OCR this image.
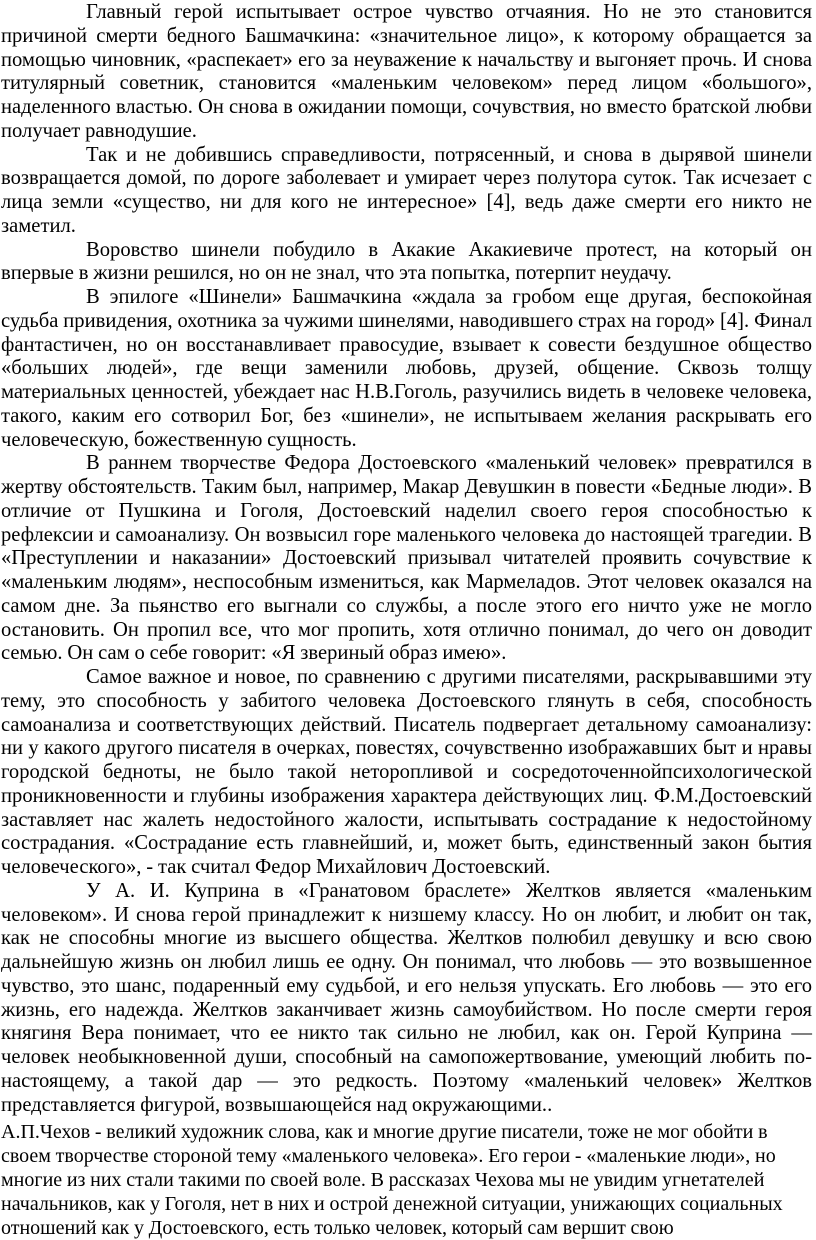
Главный герой испытывает острое чувство отчаяния. Но не это становится причиной смерти бедного Башмачкина: «значительное лицо», к которому обращается за помощью чиновник, «распекает» его за неуважение к начальству и выгоняет прочь. И снова титулярный советник, становится «маленьким человеком» перед лицом «большого», наделенного властью. Он снова в ожидании помощи, сочувствия, но вместо братской любви получает равнодушие.

Так и не добившись справедливости, потрясенный, и снова в дырявой шинели возвращается домой, по дороге заболевает и умирает через полутора суток. Так исчезает с лица земли «существо, ни для кого не интересное» [4], ведь даже смерти его никто не заметил.

Воровство шинели побудило в Акакие Акакиевиче протест, на который он впервые в жизни решился, но он не знал, что эта попытка, потерпит неудачу.

В эпилоге «Шинели» Башмачкина «ждала за гробом еще другая, беспокойная судьба привидения, охотника за чужими шинелями, наводившего страх на город» [4]. Финал фантастичен, но он восстанавливает правосудие, взывает к совести бездушное общество «больших людей», где вещи заменили любовь, друзей, общение. Сквозь толщу материальных ценностей, убеждает нас Н.В.Гоголь, разучились видеть в человеке человека, такого, каким его сотворил Бог, без «шинели», не испытываем желания раскрывать его человеческую, божественную сущность.

В раннем творчестве Федора Достоевского «маленький человек» превратился в жертву обстоятельств. Таким был, например, Макар Девушкин в повести «Бедные люди». В отличие от Пушкина и Гоголя, Достоевский наделил своего героя способностью к рефлексии и самоанализу. Он возвысил горе маленького человека до настоящей трагедии. В «Преступлении и наказании» Достоевский призывал читателей проявить сочувствие к «маленьким людям», неспособным измениться, как Мармеладов. Этот человек оказался на самом дне. За пьянство его выгнали со службы, а после этого его ничто уже не могло остановить. Он пропил все, что мог пропить, хотя отлично понимал, до чего он доводит семью. Он сам о себе говорит: «Я звериный образ имею».

Самое важное и новое, по сравнению с другими писателями, раскрывавшими эту тему, это способность у забитого человека Достоевского глянуть в себя, способность самоанализа и соответствующих действий. Писатель подвергает детальному самоанализу: ни у какого другого писателя в очерках, повестях, сочувственно изображавших быт и нравы городской бедноты, не было такой неторопливой и сосредоточеннойпсихологической проникновенности и глубины изображения характера действующих лиц. Ф.М.Достоевский заставляет нас жалеть недостойного жалости, испытывать сострадание к недостойному сострадания. «Сострадание есть главнейший, и, может быть, единственный закон бытия человеческого», - так считал Федор Михайлович Достоевский.

У А. И. Куприна в «Гранатовом браслете» Желтков является «маленьким человеком». И снова герой принадлежит к низшему классу. Но он любит, и любит он так, как не способны многие из высшего общества. Желтков полюбил девушку и всю свою дальнейшую жизнь он любил лишь ее одну. Он понимал, что любовь — это возвышенное чувство, это шанс, подаренный ему судьбой, и его нельзя упускать. Его любовь — это его жизнь, его надежда. Желтков заканчивает жизнь самоубийством. Но после смерти героя княгиня Вера понимает, что ее никто так сильно не любил, как он. Герой Куприна — человек необыкновенной души, способный на самопожертвование, умеющий любить по-настоящему, а такой дар — это редкость. Поэтому «маленький человек» Желтков представляется фигурой, возвышающейся над окружающими..

А.П.Чехов - великий художник слова, как и многие другие писатели, тоже не мог обойти в своем творчестве стороной тему «маленького человека». Его герои - «маленькие люди», но многие из них стали такими по своей воле. В рассказах Чехова мы не увидим угнетателей начальников, как у Гоголя, нет в них и острой денежной ситуации, унижающих социальных отношений как у Достоевского, есть только человек, который сам вершит свою
